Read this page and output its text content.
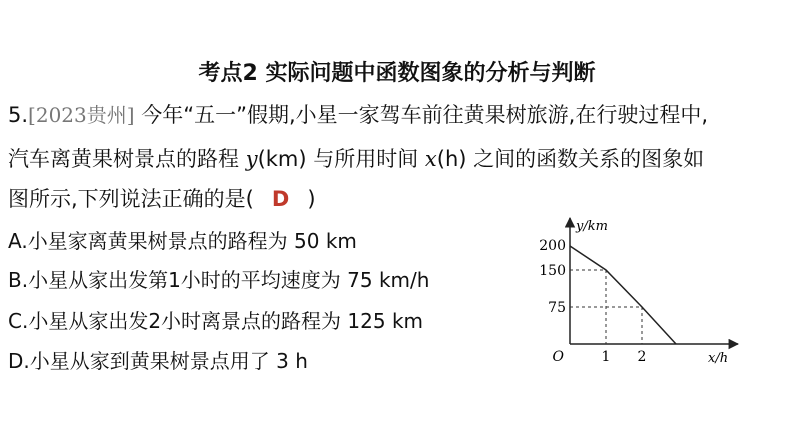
考点2 实际问题中函数图象的分析与判断
5.[2023贵州] 今年“五一”假期,小星一家驾车前往黄果树旅游,在行驶过程中,
汽车离黄果树景点的路程 y(km) 与所用时间 x(h) 之间的函数关系的图象如
图所示,下列说法正确的是( D )
A.小星家离黄果树景点的路程为 50 km
B.小星从家出发第1小时的平均速度为 75 km/h
C.小星从家出发2小时离景点的路程为 125 km
D.小星从家到黄果树景点用了 3 h
y/km
x/h
200
150
75
1 2
O
